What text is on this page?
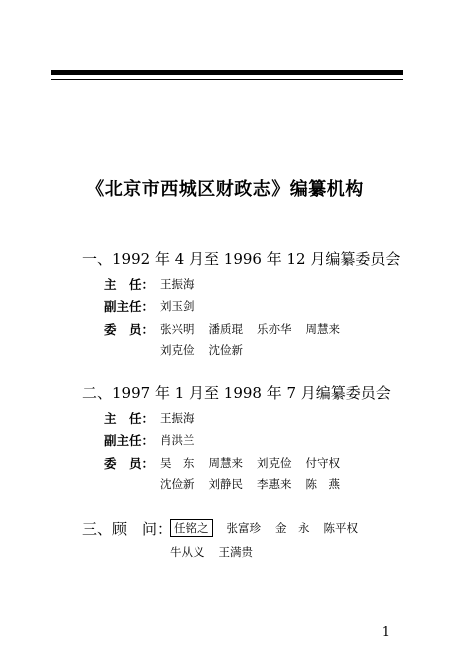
《北京市西城区财政志》编纂机构
一、1992 年 4 月至 1996 年 12 月编纂委员会
主　任： 王振海
副主任： 刘玉剑
委　员： 张兴明 潘质琨 乐亦华 周慧来
刘克俭 沈俭新
二、1997 年 1 月至 1998 年 7 月编纂委员会
主　任： 王振海
副主任： 肖洪兰
委　员： 吴　东 周慧来 刘克俭 付守权
沈俭新 刘静民 李惠来 陈　燕
三、顾　问： 任铭之 张富珍 金　永 陈平权
牛从义 王满贵
1
